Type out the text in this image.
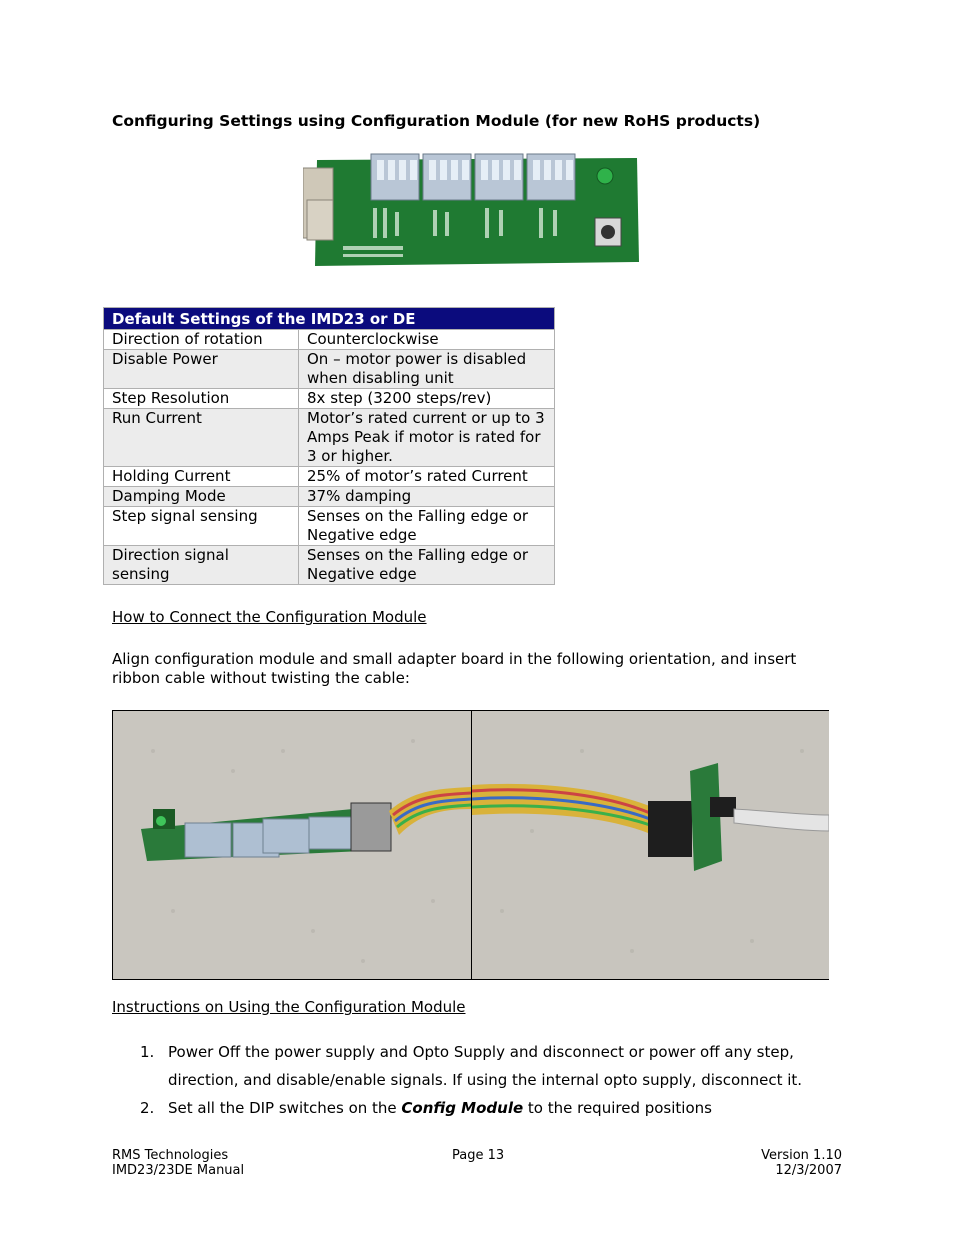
Configuring Settings using Configuration Module (for new RoHS products)
Default Settings of the IMD23 or DE	
Direction of rotation	Counterclockwise
Disable Power	On – motor power is disabled when disabling unit
Step Resolution	8x step (3200 steps/rev)
Run Current	Motor’s rated current or up to 3 Amps Peak if motor is rated for 3 or higher.
Holding Current	25% of motor’s rated Current
Damping Mode	37% damping
Step signal sensing	Senses on the Falling edge or Negative edge
Direction signal sensing	Senses on the Falling edge or Negative edge
How to Connect the Configuration Module
Align configuration module and small adapter board in the following orientation, and insert ribbon cable without twisting the cable:
Instructions on Using the Configuration Module
1. Power Off the power supply and Opto Supply and disconnect or power off any step, direction, and disable/enable signals. If using the internal opto supply, disconnect it.
2. Set all the DIP switches on the Config Module to the required positions
RMS Technologies
IMD23/23DE Manual
Page 13	Version 1.10
12/3/2007
